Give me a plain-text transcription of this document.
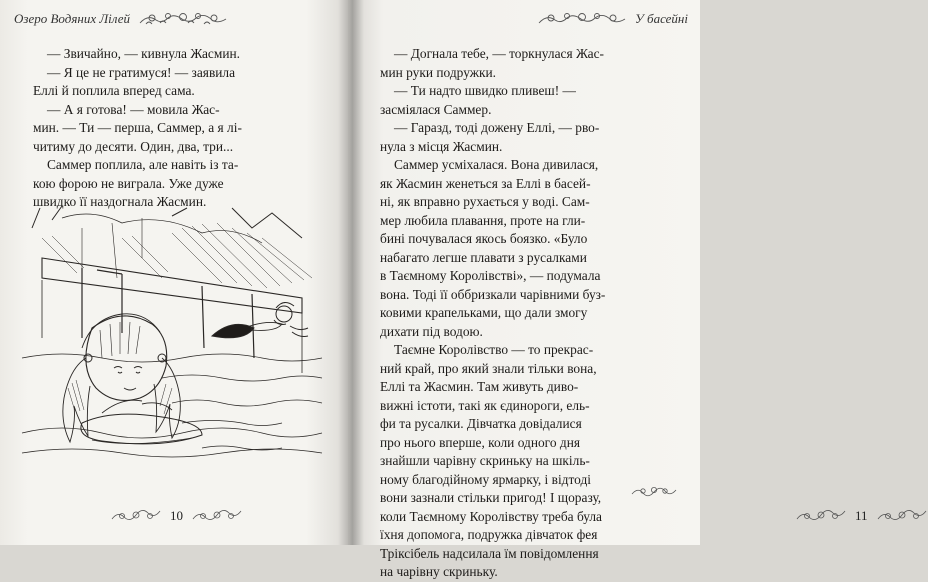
Озеро Водяних Лілей

— Звичайно, — кивнула Жасмин.

— Я це не гратимуся! — заявила

Еллі й поплила вперед сама.

— А я готова! — мовила Жас-

мин. — Ти — перша, Саммер, а я лі-

читиму до десяти. Один, два, три...

Саммер поплила, але навіть із та-

кою форою не виграла. Уже дуже

швидко її наздогнала Жасмин.

10
У басейні
11

— Догнала тебе, — торкнулася Жас-

мин руки подружки.

— Ти надто швидко пливеш! —

засміялася Саммер.

— Гаразд, тоді дожену Еллі, — рво-

нула з місця Жасмин.

Саммер усміхалася. Вона дивилася,

як Жасмин женеться за Еллі в басей-

ні, як вправно рухається у воді. Сам-

мер любила плавання, проте на гли-

бині почувалася якось боязко. «Було

набагато легше плавати з русалками

в Таємному Королівстві», — подумала

вона. Тоді її оббризкали чарівними буз-

ковими крапельками, що дали змогу

дихати під водою.

Таємне Королівство — то прекрас-

ний край, про який знали тільки вона,

Еллі та Жасмин. Там живуть диво-

вижні істоти, такі як єдинороги, ель-

фи та русалки. Дівчатка довідалися

про нього вперше, коли одного дня

знайшли чарівну скриньку на шкіль-

ному благодійному ярмарку, і відтоді

вони зазнали стільки пригод! І щоразу,

коли Таємному Королівству треба була

їхня допомога, подружка дівчаток фея

Тріксібель надсилала їм повідомлення

на чарівну скриньку.
